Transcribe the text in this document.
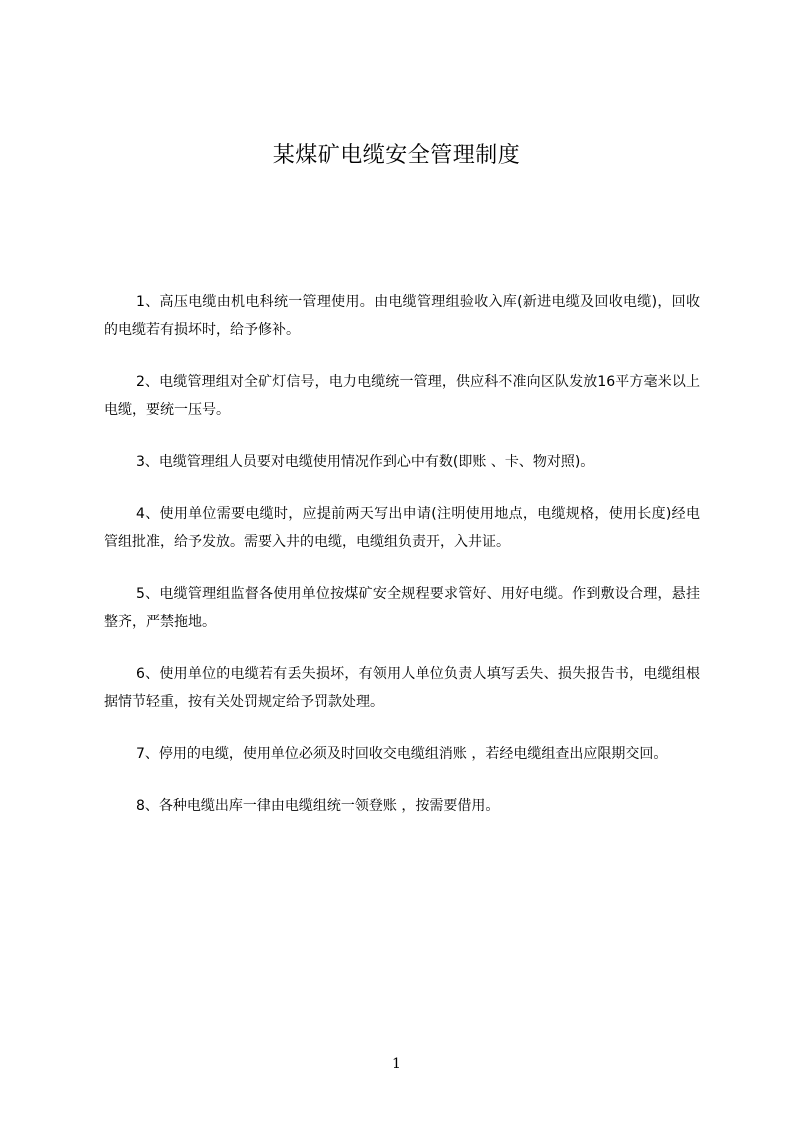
某煤矿电缆安全管理制度

1、高压电缆由机电科统一管理使用。由电缆管理组验收入库(新进电缆及回收电缆)，回收的电缆若有损坏时，给予修补。

2、电缆管理组对全矿灯信号，电力电缆统一管理，供应科不准向区队发放16平方毫米以上电缆，要统一压号。

3、电缆管理组人员要对电缆使用情况作到心中有数(即账 、卡、物对照)。

4、使用单位需要电缆时，应提前两天写出申请(注明使用地点，电缆规格，使用长度)经电管组批准，给予发放。需要入井的电缆，电缆组负责开，入井证。

5、电缆管理组监督各使用单位按煤矿安全规程要求管好、用好电缆。作到敷设合理，悬挂整齐，严禁拖地。

6、使用单位的电缆若有丢失损坏，有领用人单位负责人填写丢失、损失报告书，电缆组根据情节轻重，按有关处罚规定给予罚款处理。

7、停用的电缆，使用单位必须及时回收交电缆组消账 ，若经电缆组查出应限期交回。

8、各种电缆出库一律由电缆组统一领登账 ，按需要借用。

1
